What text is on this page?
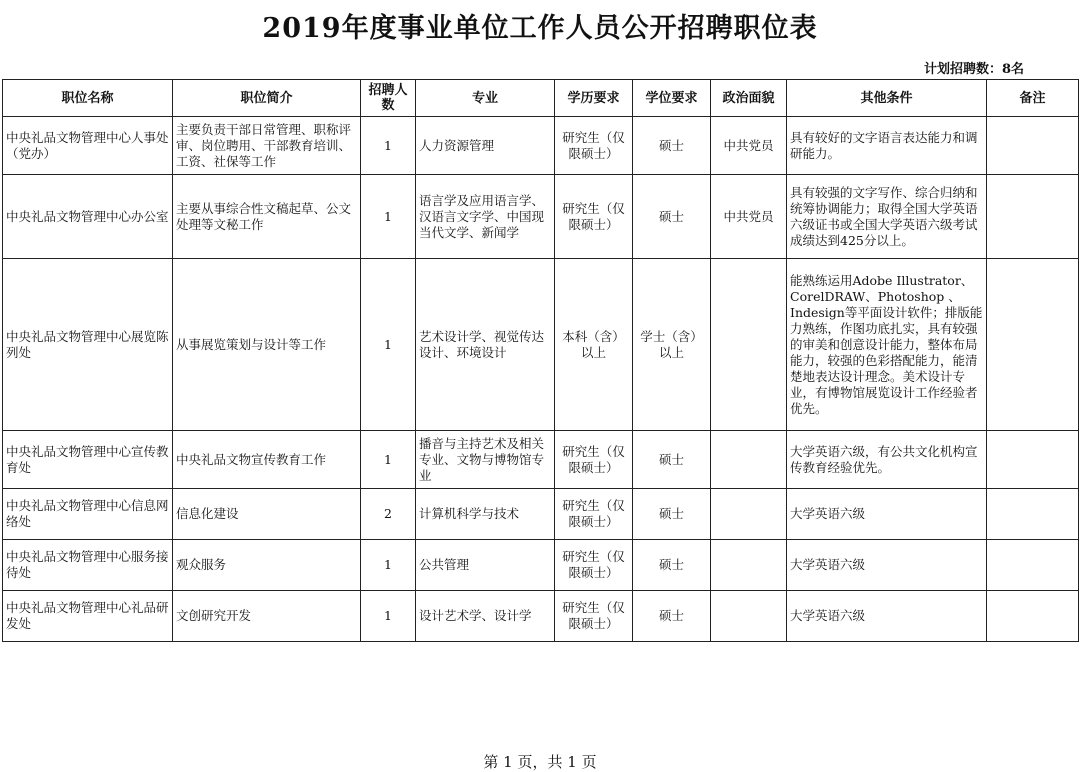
2019年度事业单位工作人员公开招聘职位表
计划招聘数：8名
职位名称	职位简介	招聘人数	专业	学历要求	学位要求	政治面貌	其他条件	备注
中央礼品文物管理中心人事处（党办）	主要负责干部日常管理、职称评审、岗位聘用、干部教育培训、工资、社保等工作	1	人力资源管理	研究生（仅限硕士）	硕士	中共党员	具有较好的文字语言表达能力和调研能力。	
中央礼品文物管理中心办公室	主要从事综合性文稿起草、公文处理等文秘工作	1	语言学及应用语言学、汉语言文字学、中国现当代文学、新闻学	研究生（仅限硕士）	硕士	中共党员	具有较强的文字写作、综合归纳和统筹协调能力；取得全国大学英语六级证书或全国大学英语六级考试成绩达到425分以上。	
中央礼品文物管理中心展览陈列处	从事展览策划与设计等工作	1	艺术设计学、视觉传达设计、环境设计	本科（含）以上	学士（含）以上		能熟练运用Adobe Illustrator、CorelDRAW、Photoshop 、Indesign等平面设计软件；排版能力熟练，作图功底扎实，具有较强的审美和创意设计能力，整体布局能力，较强的色彩搭配能力，能清楚地表达设计理念。美术设计专业，有博物馆展览设计工作经验者优先。	
中央礼品文物管理中心宣传教育处	中央礼品文物宣传教育工作	1	播音与主持艺术及相关专业、文物与博物馆专业	研究生（仅限硕士）	硕士		大学英语六级，有公共文化机构宣传教育经验优先。	
中央礼品文物管理中心信息网络处	信息化建设	2	计算机科学与技术	研究生（仅限硕士）	硕士		大学英语六级	
中央礼品文物管理中心服务接待处	观众服务	1	公共管理	研究生（仅限硕士）	硕士		大学英语六级	
中央礼品文物管理中心礼品研发处	文创研究开发	1	设计艺术学、设计学	研究生（仅限硕士）	硕士		大学英语六级	
第 1 页，共 1 页
